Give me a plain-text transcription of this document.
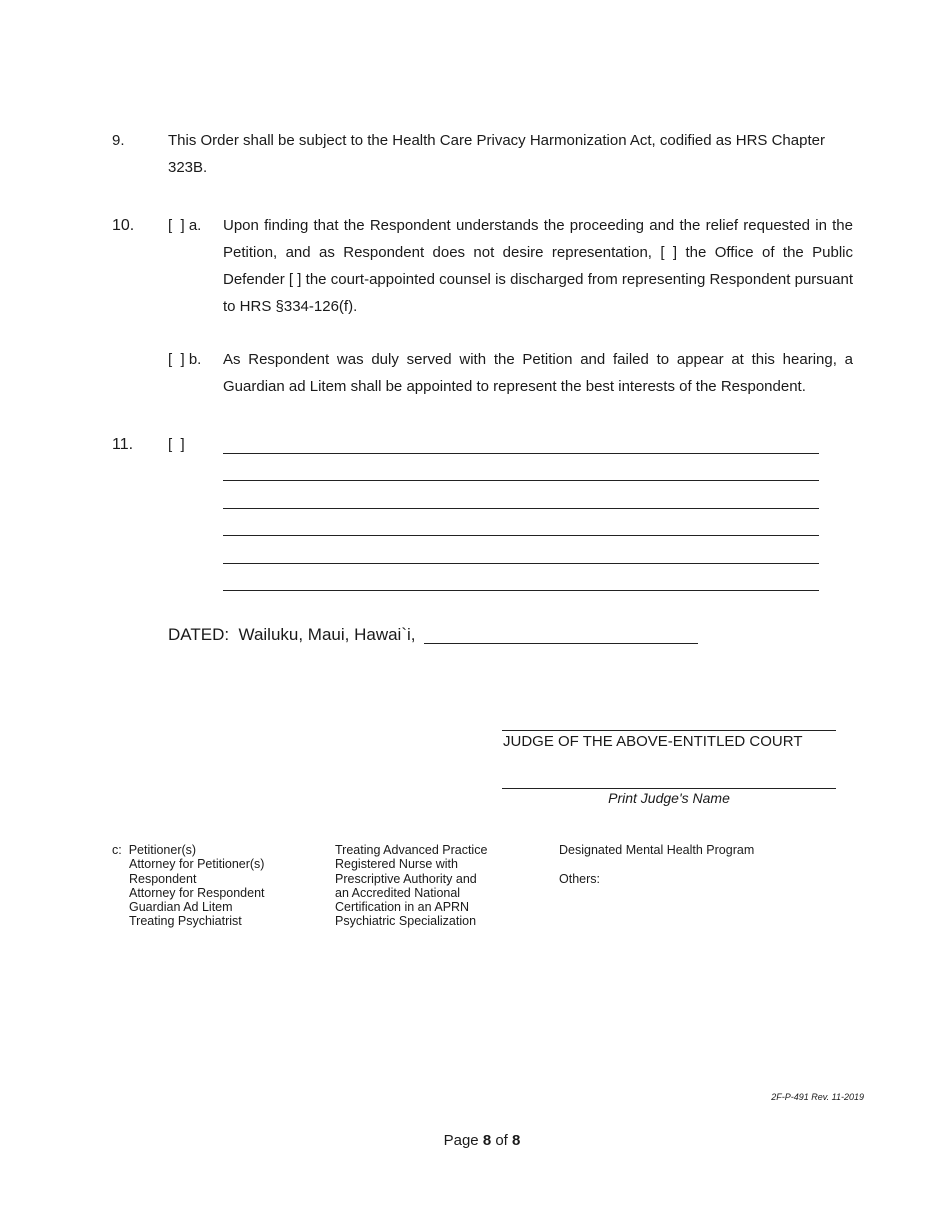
9.	This Order shall be subject to the Health Care Privacy Harmonization Act, codified as HRS Chapter 323B.
10. [  ] a. Upon finding that the Respondent understands the proceeding and the relief requested in the Petition, and as Respondent does not desire representation, [ ] the Office of the Public Defender [ ] the court-appointed counsel is discharged from representing Respondent pursuant to HRS §334-126(f).
[  ] b. As Respondent was duly served with the Petition and failed to appear at this hearing, a Guardian ad Litem shall be appointed to represent the best interests of the Respondent.
11. [  ]
DATED:  Wailuku, Maui, Hawai`i,
JUDGE OF THE ABOVE-ENTITLED COURT
Print Judge's Name
c: Petitioner(s)
Attorney for Petitioner(s)
Respondent
Attorney for Respondent
Guardian Ad Litem
Treating Psychiatrist
Treating Advanced Practice
Registered Nurse with
Prescriptive Authority and
an Accredited National
Certification in an APRN
Psychiatric Specialization
Designated Mental Health Program
Others:
2F-P-491 Rev. 11-2019
Page 8 of 8
